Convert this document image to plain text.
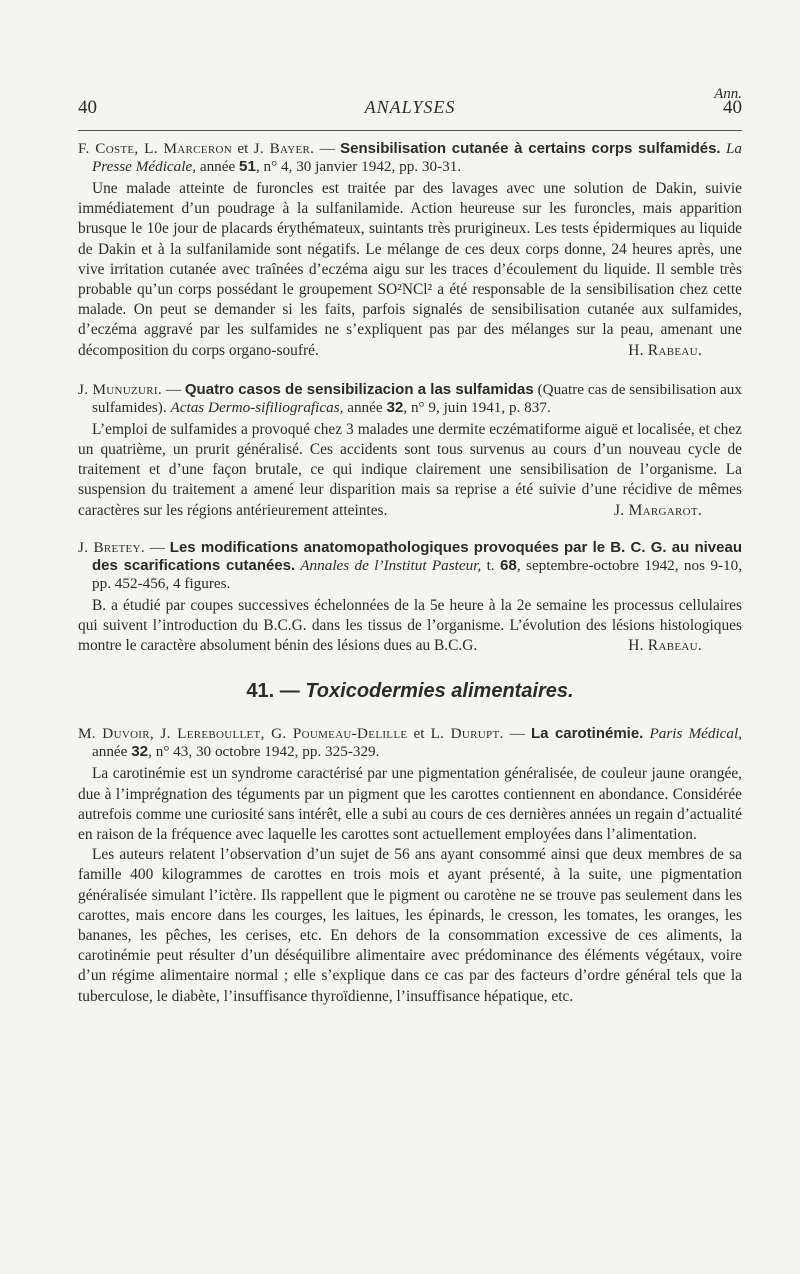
Ann.
40	ANALYSES	40

F. Coste, L. Marceron et J. Bayer. — Sensibilisation cutanée à certains corps sulfamidés. La Presse Médicale, année 51, n° 4, 30 janvier 1942, pp. 30-31.

Une malade atteinte de furoncles est traitée par des lavages avec une solution de Dakin, suivie immédiatement d’un poudrage à la sulfanilamide. Action heureuse sur les furoncles, mais apparition brusque le 10e jour de placards érythémateux, suintants très prurigineux. Les tests épidermiques au liquide de Dakin et à la sulfanilamide sont négatifs. Le mélange de ces deux corps donne, 24 heures après, une vive irritation cutanée avec traînées d’eczéma aigu sur les traces d’écoulement du liquide. Il semble très probable qu’un corps possédant le groupement SO²NCl² a été responsable de la sensibilisation chez cette malade. On peut se demander si les faits, parfois signalés de sensibilisation cutanée aux sulfamides, d’eczéma aggravé par les sulfamides ne s’expliquent pas par des mélanges sur la peau, amenant une décomposition du corps organo-soufré.	H. Rabeau.

J. Munuzuri. — Quatro casos de sensibilizacion a las sulfamidas (Quatre cas de sensibilisation aux sulfamides). Actas Dermo-sifiliograficas, année 32, n° 9, juin 1941, p. 837.

L’emploi de sulfamides a provoqué chez 3 malades une dermite eczématiforme aiguë et localisée, et chez un quatrième, un prurit généralisé. Ces accidents sont tous survenus au cours d’un nouveau cycle de traitement et d’une façon brutale, ce qui indique clairement une sensibilisation de l’organisme. La suspension du traitement a amené leur disparition mais sa reprise a été suivie d’une récidive de mêmes caractères sur les régions antérieurement atteintes.	J. Margarot.

J. Bretey. — Les modifications anatomopathologiques provoquées par le B. C. G. au niveau des scarifications cutanées. Annales de l’Institut Pasteur, t. 68, septembre-octobre 1942, nos 9-10, pp. 452-456, 4 figures.

B. a étudié par coupes successives échelonnées de la 5e heure à la 2e semaine les processus cellulaires qui suivent l’introduction du B.C.G. dans les tissus de l’organisme. L’évolution des lésions histologiques montre le caractère absolument bénin des lésions dues au B.C.G.	H. Rabeau.

41. — Toxicodermies alimentaires.

M. Duvoir, J. Lereboullet, G. Poumeau-Delille et L. Durupt. — La carotinémie. Paris Médical, année 32, n° 43, 30 octobre 1942, pp. 325-329.

La carotinémie est un syndrome caractérisé par une pigmentation généralisée, de couleur jaune orangée, due à l’imprégnation des téguments par un pigment que les carottes contiennent en abondance. Considérée autrefois comme une curiosité sans intérêt, elle a subi au cours de ces dernières années un regain d’actualité en raison de la fréquence avec laquelle les carottes sont actuellement employées dans l’alimentation.

Les auteurs relatent l’observation d’un sujet de 56 ans ayant consommé ainsi que deux membres de sa famille 400 kilogrammes de carottes en trois mois et ayant présenté, à la suite, une pigmentation généralisée simulant l’ictère. Ils rappellent que le pigment ou carotène ne se trouve pas seulement dans les carottes, mais encore dans les courges, les laitues, les épinards, le cresson, les tomates, les oranges, les bananes, les pêches, les cerises, etc. En dehors de la consommation excessive de ces aliments, la carotinémie peut résulter d’un déséquilibre alimentaire avec prédominance des éléments végétaux, voire d’un régime alimentaire normal ; elle s’explique dans ce cas par des facteurs d’ordre général tels que la tuberculose, le diabète, l’insuffisance thyroïdienne, l’insuffisance hépatique, etc.
